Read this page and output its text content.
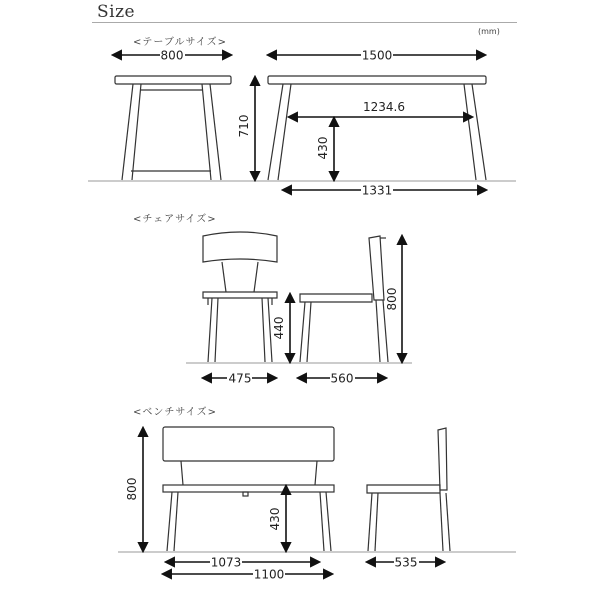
Size
(mm)
<テーブルサイズ>
<チェアサイズ>
<ベンチサイズ>
800	1500
1234.6
1331
710
430
475	560
440
800
1073
1100
535
800
430
